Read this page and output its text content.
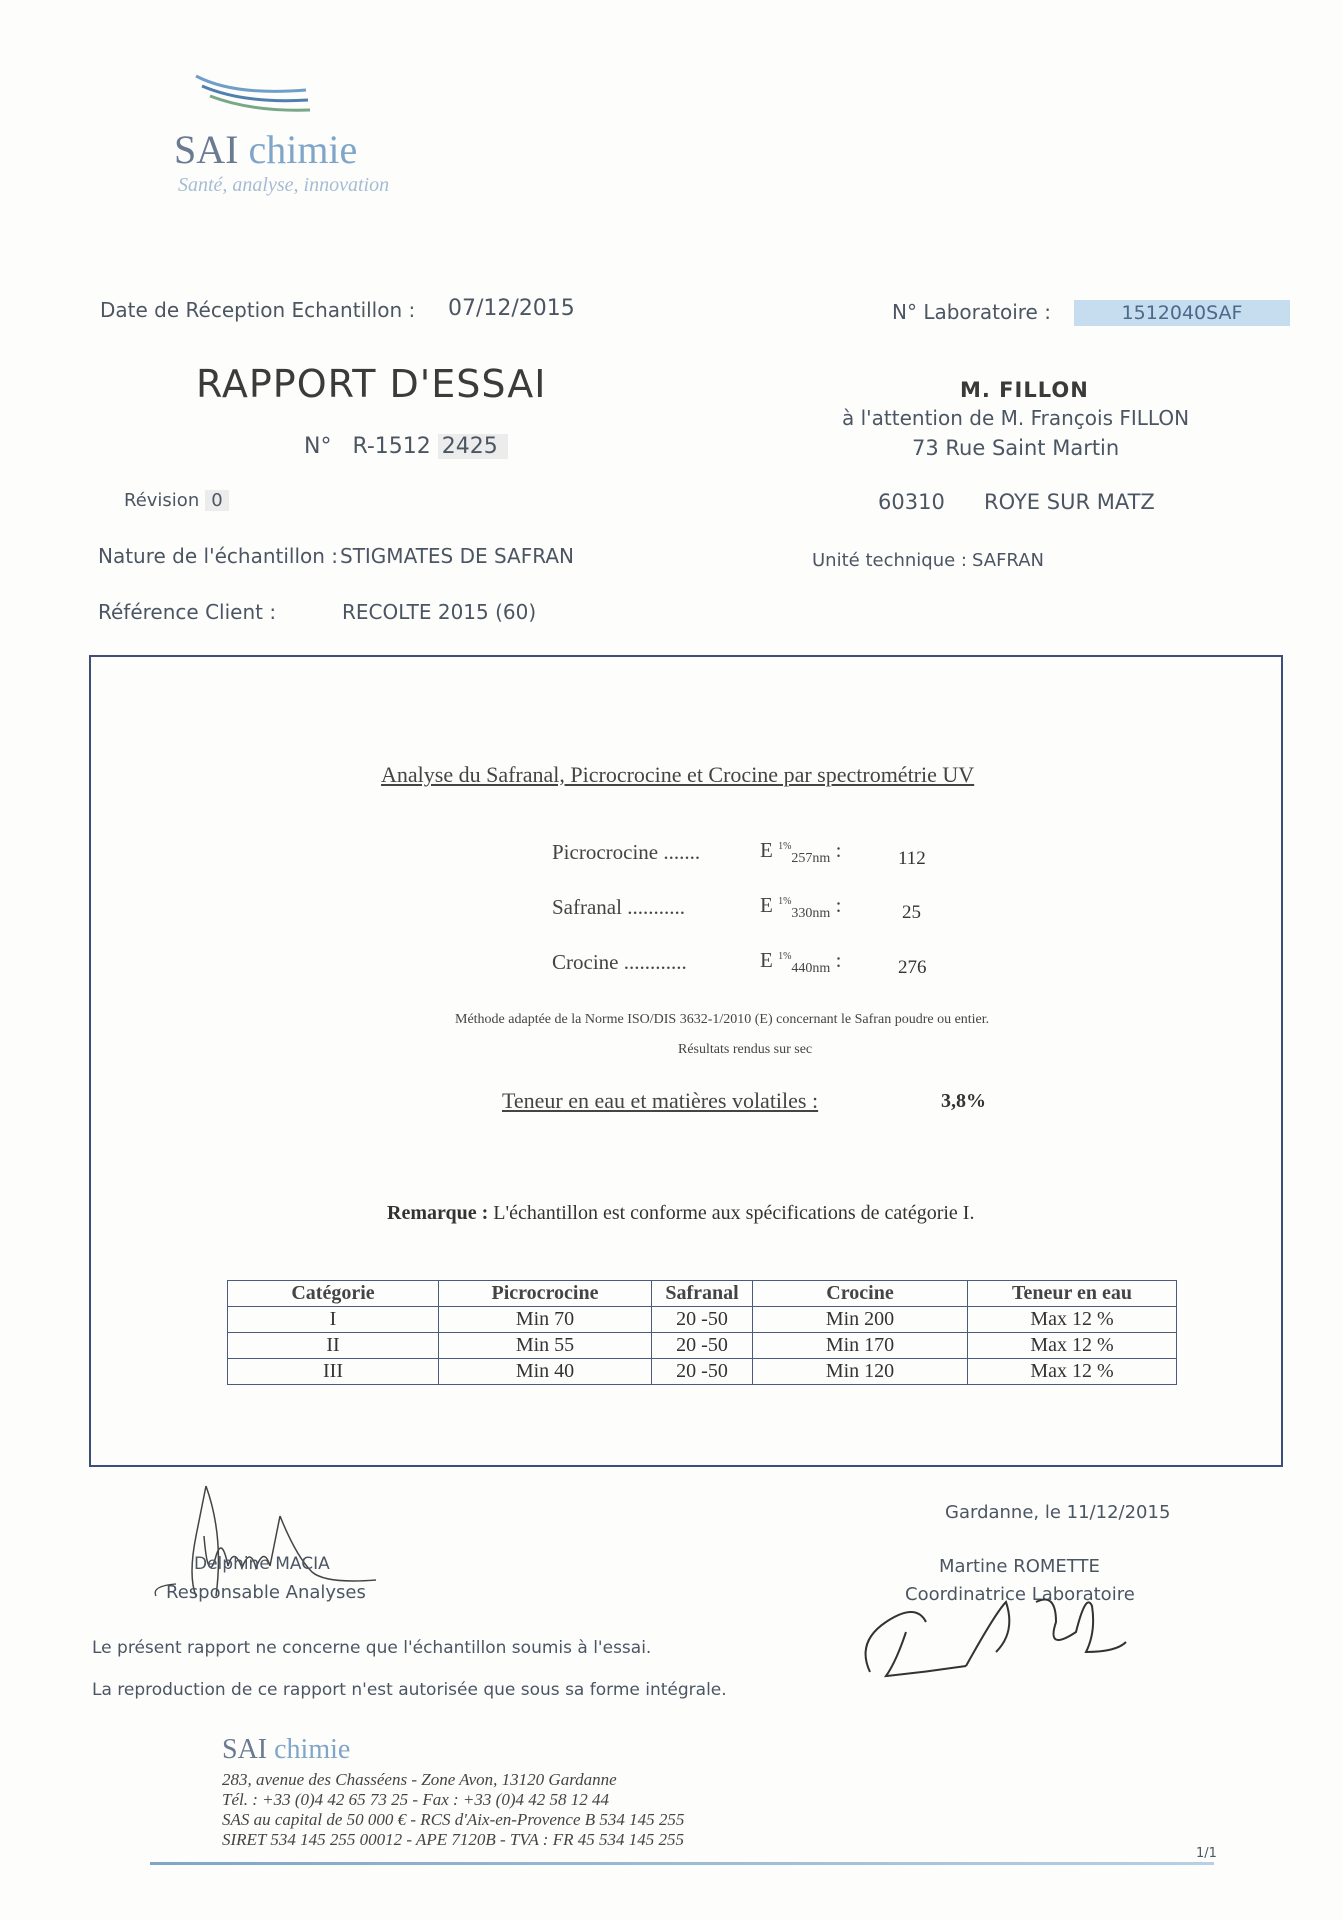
SAI chimie
Santé, analyse, innovation
Date de Réception Echantillon : 07/12/2015	N° Laboratoire :	1512040SAF
RAPPORT D'ESSAI
N° R-1512 2425
Révision 0
M. FILLON
à l'attention de M. François FILLON
73 Rue Saint Martin
60310 ROYE SUR MATZ
Nature de l'échantillon : STIGMATES DE SAFRAN	Unité technique : SAFRAN
Référence Client :	RECOLTE 2015 (60)
Analyse du Safranal, Picrocrocine et Crocine par spectrométrie UV
Picrocrocine .......	E $^{1\%}_{257nm}$ :	112
Safranal ...........	E $^{1\%}_{330nm}$ :	25
Crocine ............	E $^{1\%}_{440nm}$ :	276
Méthode adaptée de la Norme ISO/DIS 3632-1/2010 (E) concernant le Safran poudre ou entier.
Résultats rendus sur sec
Teneur en eau et matières volatiles :	3,8%
Remarque : L'échantillon est conforme aux spécifications de catégorie I.
Catégorie	Picrocrocine	Safranal	Crocine	Teneur en eau
I	Min 70	20 -50	Min 200	Max 12 %
II	Min 55	20 -50	Min 170	Max 12 %
III	Min 40	20 -50	Min 120	Max 12 %
Gardanne, le 11/12/2015
Delphine MACIA
Responsable Analyses
Martine ROMETTE
Coordinatrice Laboratoire
Le présent rapport ne concerne que l'échantillon soumis à l'essai.
La reproduction de ce rapport n'est autorisée que sous sa forme intégrale.
SAI chimie
283, avenue des Chasséens - Zone Avon, 13120 Gardanne
Tél. : +33 (0)4 42 65 73 25 - Fax : +33 (0)4 42 58 12 44
SAS au capital de 50 000 € - RCS d'Aix-en-Provence B 534 145 255
SIRET 534 145 255 00012 - APE 7120B - TVA : FR 45 534 145 255
1/1
